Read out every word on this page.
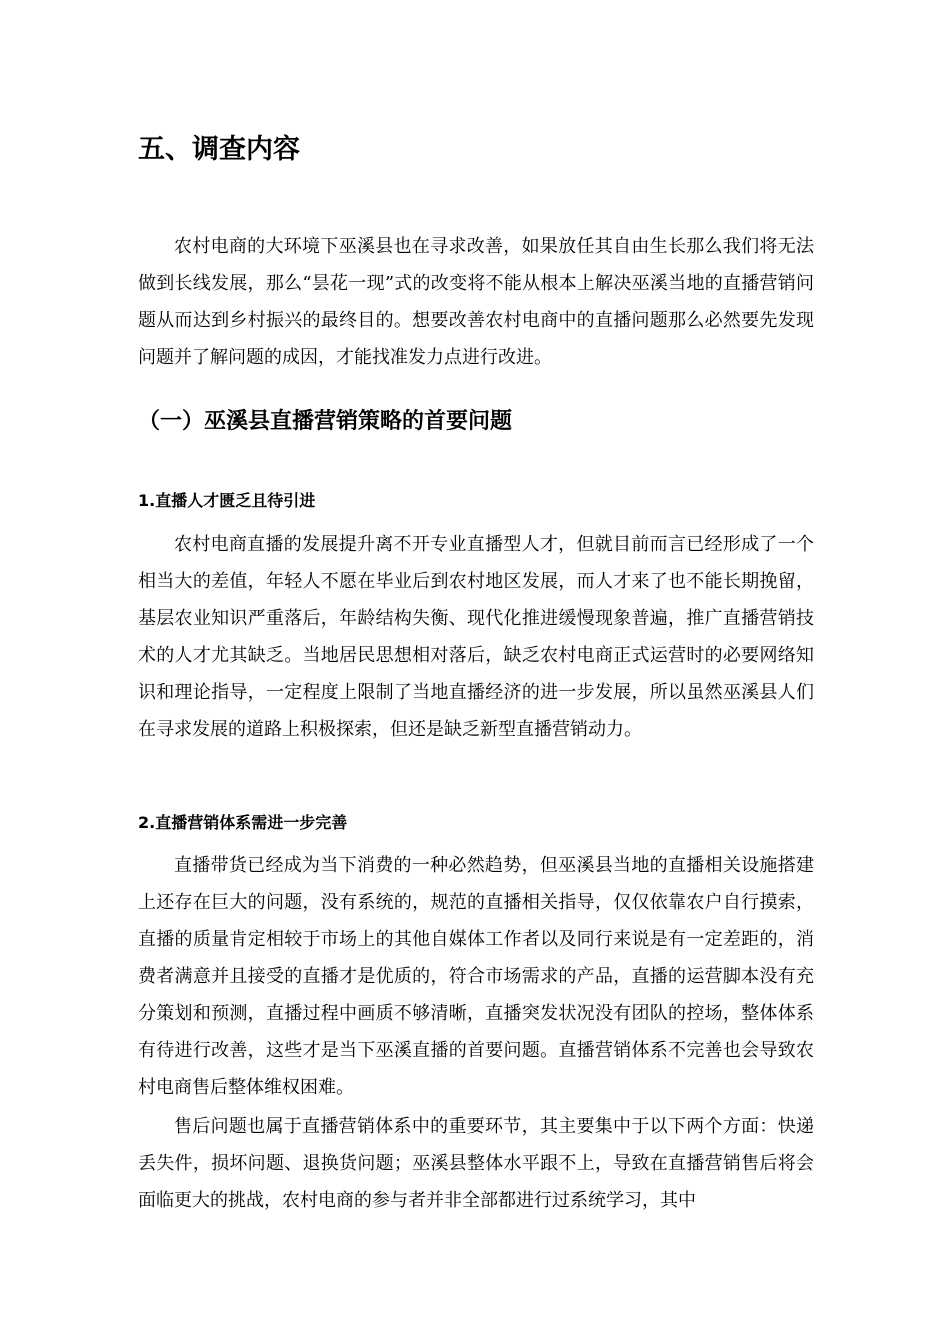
五、调查内容

农村电商的大环境下巫溪县也在寻求改善，如果放任其自由生长那么我们将无法做到长线发展，那么“昙花一现”式的改变将不能从根本上解决巫溪当地的直播营销问题从而达到乡村振兴的最终目的。想要改善农村电商中的直播问题那么必然要先发现问题并了解问题的成因，才能找准发力点进行改进。

（一）巫溪县直播营销策略的首要问题
1.直播人才匮乏且待引进

农村电商直播的发展提升离不开专业直播型人才，但就目前而言已经形成了一个相当大的差值，年轻人不愿在毕业后到农村地区发展，而人才来了也不能长期挽留，基层农业知识严重落后，年龄结构失衡、现代化推进缓慢现象普遍，推广直播营销技术的人才尤其缺乏。当地居民思想相对落后，缺乏农村电商正式运营时的必要网络知识和理论指导，一定程度上限制了当地直播经济的进一步发展，所以虽然巫溪县人们在寻求发展的道路上积极探索，但还是缺乏新型直播营销动力。

2.直播营销体系需进一步完善

直播带货已经成为当下消费的一种必然趋势，但巫溪县当地的直播相关设施搭建上还存在巨大的问题，没有系统的，规范的直播相关指导，仅仅依靠农户自行摸索，直播的质量肯定相较于市场上的其他自媒体工作者以及同行来说是有一定差距的，消费者满意并且接受的直播才是优质的，符合市场需求的产品，直播的运营脚本没有充分策划和预测，直播过程中画质不够清晰，直播突发状况没有团队的控场，整体体系有待进行改善，这些才是当下巫溪直播的首要问题。直播营销体系不完善也会导致农村电商售后整体维权困难。

售后问题也属于直播营销体系中的重要环节，其主要集中于以下两个方面：快递丢失件，损坏问题、退换货问题；巫溪县整体水平跟不上，导致在直播营销售后将会面临更大的挑战，农村电商的参与者并非全部都进行过系统学习，其中
